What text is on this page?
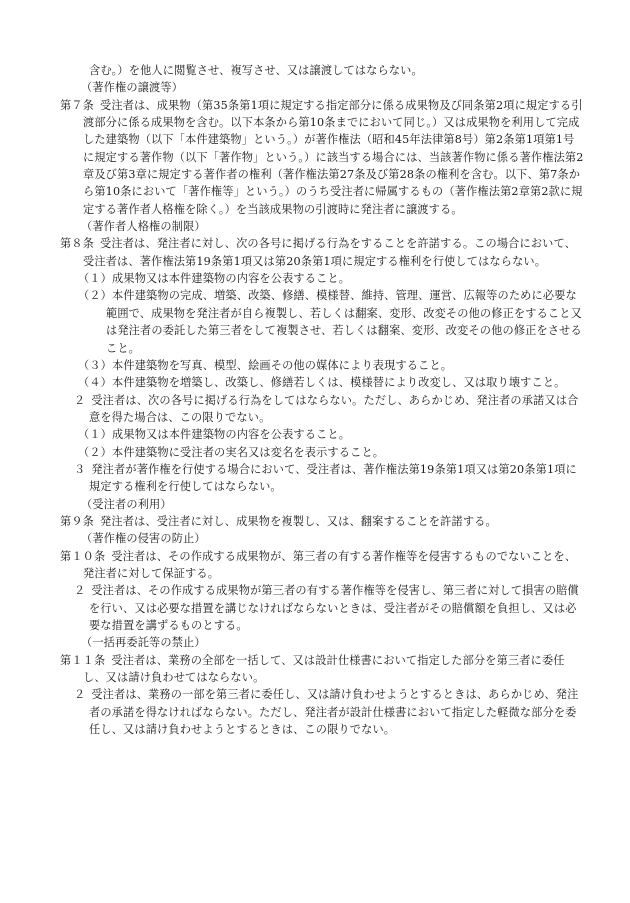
含む。）を他人に閲覧させ、複写させ、又は譲渡してはならない。

（著作権の譲渡等）

第７条 受注者は、成果物（第35条第1項に規定する指定部分に係る成果物及び同条第2項に規定する引渡部分に係る成果物を含む。以下本条から第10条までにおいて同じ。）又は成果物を利用して完成した建築物（以下「本件建築物」という。）が著作権法（昭和45年法律第8号）第2条第1項第1号に規定する著作物（以下「著作物」という。）に該当する場合には、当該著作物に係る著作権法第2章及び第3章に規定する著作者の権利（著作権法第27条及び第28条の権利を含む。以下、第7条から第10条において「著作権等」という。）のうち受注者に帰属するもの（著作権法第2章第2款に規定する著作者人格権を除く。）を当該成果物の引渡時に発注者に譲渡する。

（著作者人格権の制限）

第８条 受注者は、発注者に対し、次の各号に掲げる行為をすることを許諾する。この場合において、受注者は、著作権法第19条第1項又は第20条第1項に規定する権利を行使してはならない。

（１）成果物又は本件建築物の内容を公表すること。

（２）本件建築物の完成、増築、改築、修繕、模様替、維持、管理、運営、広報等のために必要な範囲で、成果物を発注者が自ら複製し、若しくは翻案、変形、改変その他の修正をすること又は発注者の委託した第三者をして複製させ、若しくは翻案、変形、改変その他の修正をさせること。

（３）本件建築物を写真、模型、絵画その他の媒体により表現すること。

（４）本件建築物を増築し、改築し、修繕若しくは、模様替により改変し、又は取り壊すこと。

２ 受注者は、次の各号に掲げる行為をしてはならない。ただし、あらかじめ、発注者の承諾又は合意を得た場合は、この限りでない。

（１）成果物又は本件建築物の内容を公表すること。

（２）本件建築物に受注者の実名又は変名を表示すること。

３ 発注者が著作権を行使する場合において、受注者は、著作権法第19条第1項又は第20条第1項に規定する権利を行使してはならない。

（受注者の利用）

第９条 発注者は、受注者に対し、成果物を複製し、又は、翻案することを許諾する。

（著作権の侵害の防止）

第１０条 受注者は、その作成する成果物が、第三者の有する著作権等を侵害するものでないことを、発注者に対して保証する。

２ 受注者は、その作成する成果物が第三者の有する著作権等を侵害し、第三者に対して損害の賠償を行い、又は必要な措置を講じなければならないときは、受注者がその賠償額を負担し、又は必要な措置を講ずるものとする。

（一括再委託等の禁止）

第１１条 受注者は、業務の全部を一括して、又は設計仕様書において指定した部分を第三者に委任し、又は請け負わせてはならない。

２ 受注者は、業務の一部を第三者に委任し、又は請け負わせようとするときは、あらかじめ、発注者の承諾を得なければならない。ただし、発注者が設計仕様書において指定した軽微な部分を委任し、又は請け負わせようとするときは、この限りでない。
